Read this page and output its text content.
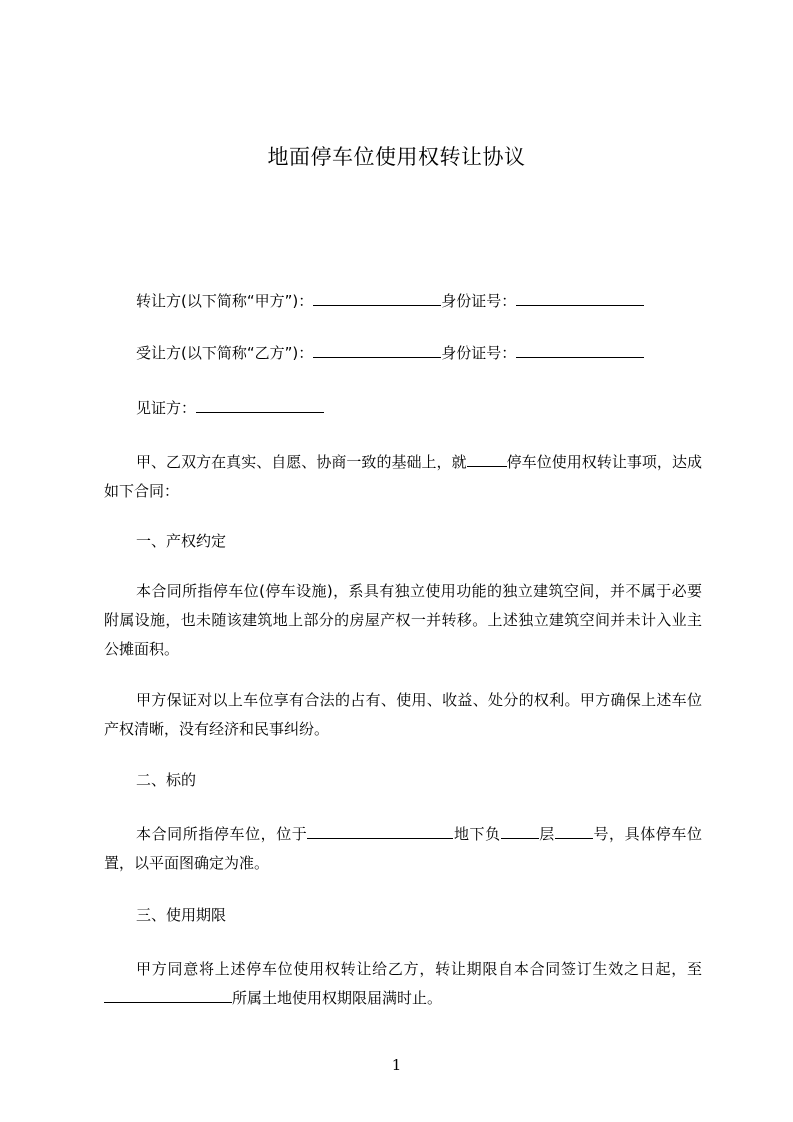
地面停车位使用权转让协议
转让方(以下简称“甲方”)：	身份证号：
受让方(以下简称“乙方”)：	身份证号：
见证方：
甲、乙双方在真实、自愿、协商一致的基础上，就	停车位使用权转让事项，达成如下合同：
一、产权约定
本合同所指停车位(停车设施)，系具有独立使用功能的独立建筑空间，并不属于必要附属设施，也未随该建筑地上部分的房屋产权一并转移。上述独立建筑空间并未计入业主公摊面积。
甲方保证对以上车位享有合法的占有、使用、收益、处分的权利。甲方确保上述车位产权清晰，没有经济和民事纠纷。
二、标的
本合同所指停车位，位于	地下负	层	号，具体停车位置，以平面图确定为准。
三、使用期限
甲方同意将上述停车位使用权转让给乙方，转让期限自本合同签订生效之日起，至所属土地使用权期限届满时止。
1
